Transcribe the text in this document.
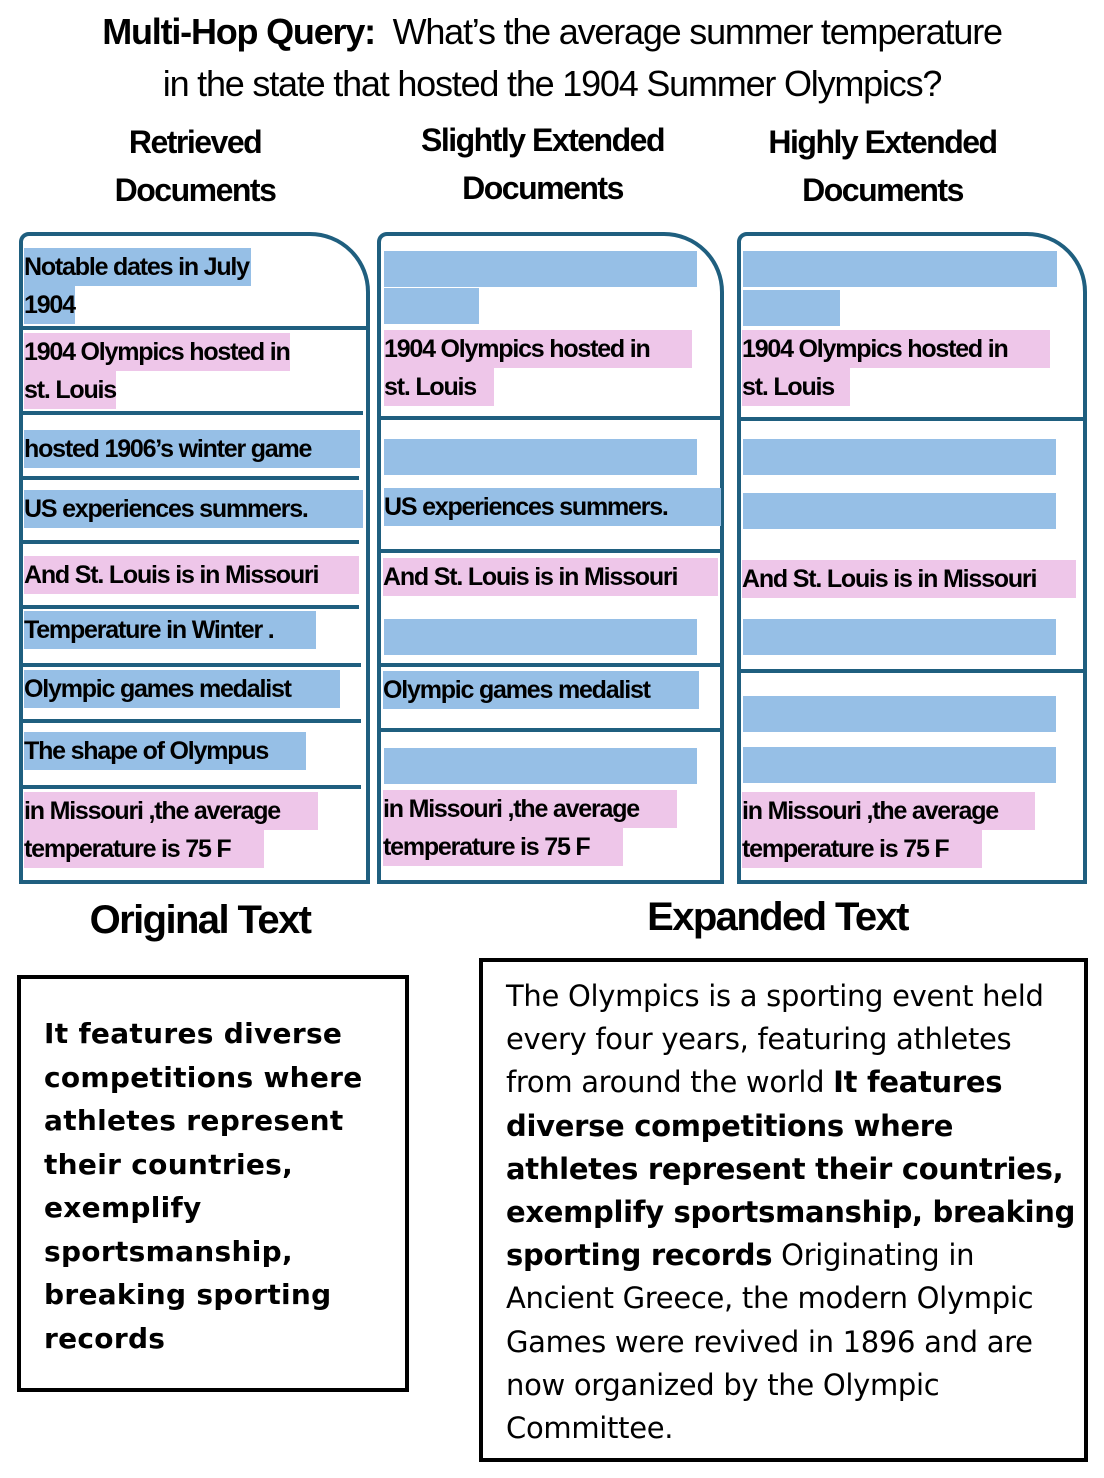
Multi-Hop Query: What’s the average summer temperature
in the state that hosted the 1904 Summer Olympics?
Retrieved
Documents
Slightly Extended
Documents
Highly Extended
Documents
Notable dates in July
1904
1904 Olympics hosted in
st. Louis
hosted 1906’s winter game
US experiences summers.
And St. Louis is in Missouri
Temperature in Winter .
Olympic games medalist
The shape of Olympus
in Missouri ,the average
temperature is 75 F
1904 Olympics hosted in
st. Louis
US experiences summers.
And St. Louis is in Missouri
Olympic games medalist
in Missouri ,the average
temperature is 75 F
1904 Olympics hosted in
st. Louis
And St. Louis is in Missouri
in Missouri ,the average
temperature is 75 F
Original Text
It features diverse
competitions where
athletes represent
their countries,
exemplify
sportsmanship,
breaking sporting
records
Expanded Text
The Olympics is a sporting event held
every four years, featuring athletes
from around the world It features
diverse competitions where
athletes represent their countries,
exemplify sportsmanship, breaking
sporting records Originating in
Ancient Greece, the modern Olympic
Games were revived in 1896 and are
now organized by the Olympic
Committee.
